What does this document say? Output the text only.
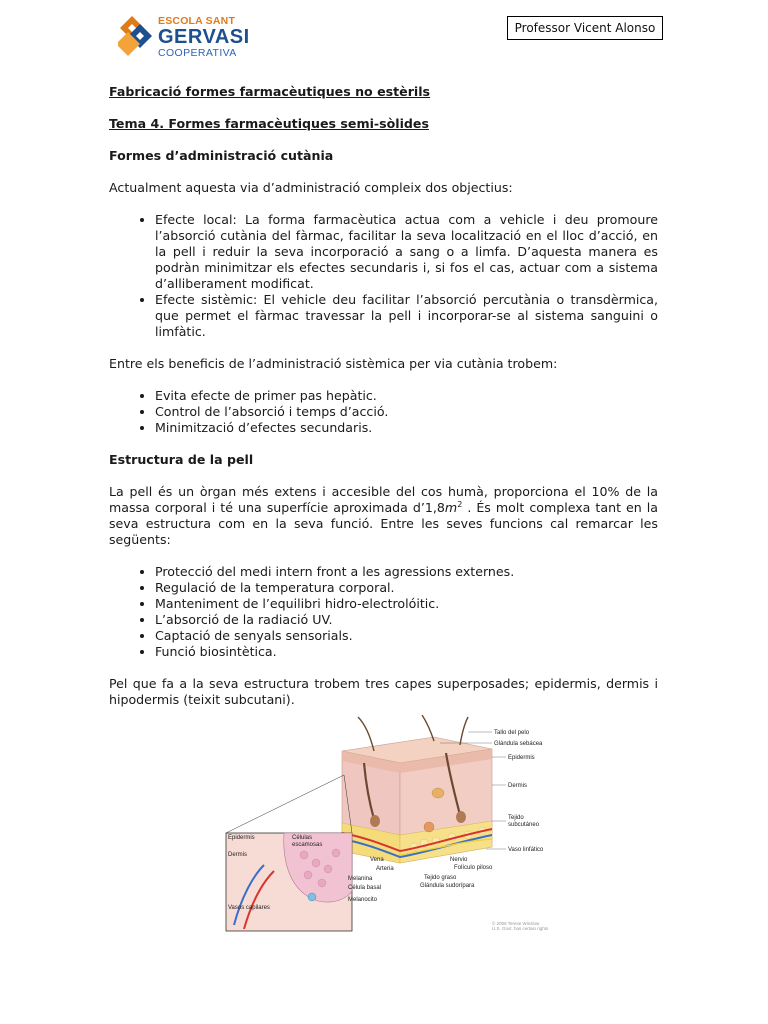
ESCOLA SANT
GERVASI
COOPERATIVA
Professor Vicent Alonso

Fabricació formes farmacèutiques no estèrils

Tema 4. Formes farmacèutiques semi-sòlides

Formes d’administració cutània

Actualment aquesta via d’administració compleix dos objectius:

• Efecte local: La forma farmacèutica actua com a vehicle i deu promoure l’absorció cutània del fàrmac, facilitar la seva localització en el lloc d’acció, en la pell i reduir la seva incorporació a sang o a limfa. D’aquesta manera es podràn minimitzar els efectes secundaris i, si fos el cas, actuar com a sistema d’alliberament modificat.
• Efecte sistèmic: El vehicle deu facilitar l’absorció percutània o transdèrmica, que permet el fàrmac travessar la pell i incorporar-se al sistema sanguini o limfàtic.

Entre els beneficis de l’administració sistèmica per via cutània trobem:

• Evita efecte de primer pas hepàtic.
• Control de l’absorció i temps d’acció.
• Minimització d’efectes secundaris.

Estructura de la pell

La pell és un òrgan més extens i accesible del cos humà, proporciona el 10% de la massa corporal i té una superfície aproximada $d’1,8m^2$ . És molt complexa tant en la seva estructura com en la seva funció. Entre les seves funcions cal remarcar les següents:

• Protecció del medi intern front a les agressions externes.
• Regulació de la temperatura corporal.
• Manteniment de l’equilibri hidro-electrolóitic.
• L’absorció de la radiació UV.
• Captació de senyals sensorials.
• Funció biosintètica.

Pel que fa a la seva estructura trobem tres capes superposades; epidermis, dermis i hipodermis (teixit subcutani).

Tallo del pelo
Glándula sebácea
Epidermis
Dermis
Tejido
subcutáneo
Vaso linfático
Vena
Arteria
Nervio
Folículo piloso
Tejido graso
Glándula sudorípara
Epidermis	Células
escamosas
Dermis
Melanina
Célula basal
Melanocito
Vasos capilares
© 2008 Terese Winslow
U.S. Govt. has certain rights
